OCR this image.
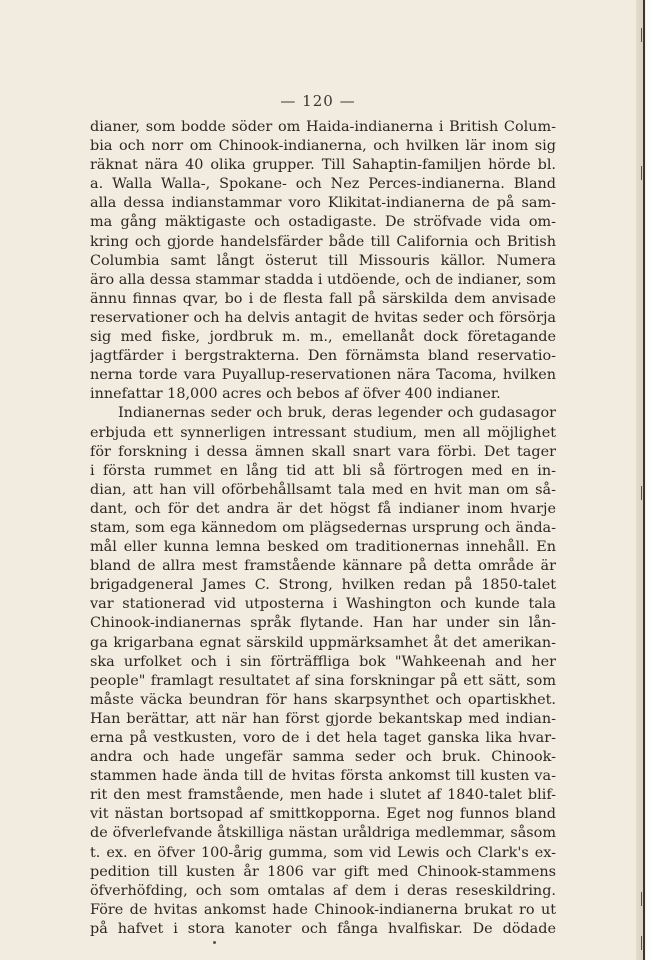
— 120 —
dianer, som bodde söder om Haida-indianerna i British Colum-
bia och norr om Chinook-indianerna, och hvilken lär inom sig
räknat nära 40 olika grupper. Till Sahaptin-familjen hörde bl.
a. Walla Walla-, Spokane- och Nez Perces-indianerna. Bland
alla dessa indianstammar voro Klikitat-indianerna de på sam-
ma gång mäktigaste och ostadigaste. De ströfvade vida om-
kring och gjorde handelsfärder både till California och British
Columbia samt långt österut till Missouris källor. Numera
äro alla dessa stammar stadda i utdöende, och de indianer, som
ännu finnas qvar, bo i de flesta fall på särskilda dem anvisade
reservationer och ha delvis antagit de hvitas seder och försörja
sig med fiske, jordbruk m. m., emellanåt dock företagande
jagtfärder i bergstrakterna. Den förnämsta bland reservatio-
nerna torde vara Puyallup-reservationen nära Tacoma, hvilken
innefattar 18,000 acres och bebos af öfver 400 indianer.
Indianernas seder och bruk, deras legender och gudasagor
erbjuda ett synnerligen intressant studium, men all möjlighet
för forskning i dessa ämnen skall snart vara förbi. Det tager
i första rummet en lång tid att bli så förtrogen med en in-
dian, att han vill oförbehållsamt tala med en hvit man om så-
dant, och för det andra är det högst få indianer inom hvarje
stam, som ega kännedom om plägsedernas ursprung och ända-
mål eller kunna lemna besked om traditionernas innehåll. En
bland de allra mest framstående kännare på detta område är
brigadgeneral James C. Strong, hvilken redan på 1850-talet
var stationerad vid utposterna i Washington och kunde tala
Chinook-indianernas språk flytande. Han har under sin lån-
ga krigarbana egnat särskild uppmärksamhet åt det amerikan-
ska urfolket och i sin förträffliga bok "Wahkeenah and her
people" framlagt resultatet af sina forskningar på ett sätt, som
måste väcka beundran för hans skarpsynthet och opartiskhet.
Han berättar, att när han först gjorde bekantskap med indian-
erna på vestkusten, voro de i det hela taget ganska lika hvar-
andra och hade ungefär samma seder och bruk. Chinook-
stammen hade ända till de hvitas första ankomst till kusten va-
rit den mest framstående, men hade i slutet af 1840-talet blif-
vit nästan bortsopad af smittkopporna. Eget nog funnos bland
de öfverlefvande åtskilliga nästan uråldriga medlemmar, såsom
t. ex. en öfver 100-årig gumma, som vid Lewis och Clark's ex-
pedition till kusten år 1806 var gift med Chinook-stammens
öfverhöfding, och som omtalas af dem i deras reseskildring.
Före de hvitas ankomst hade Chinook-indianerna brukat ro ut
på hafvet i stora kanoter och fånga hvalfiskar. De dödade
